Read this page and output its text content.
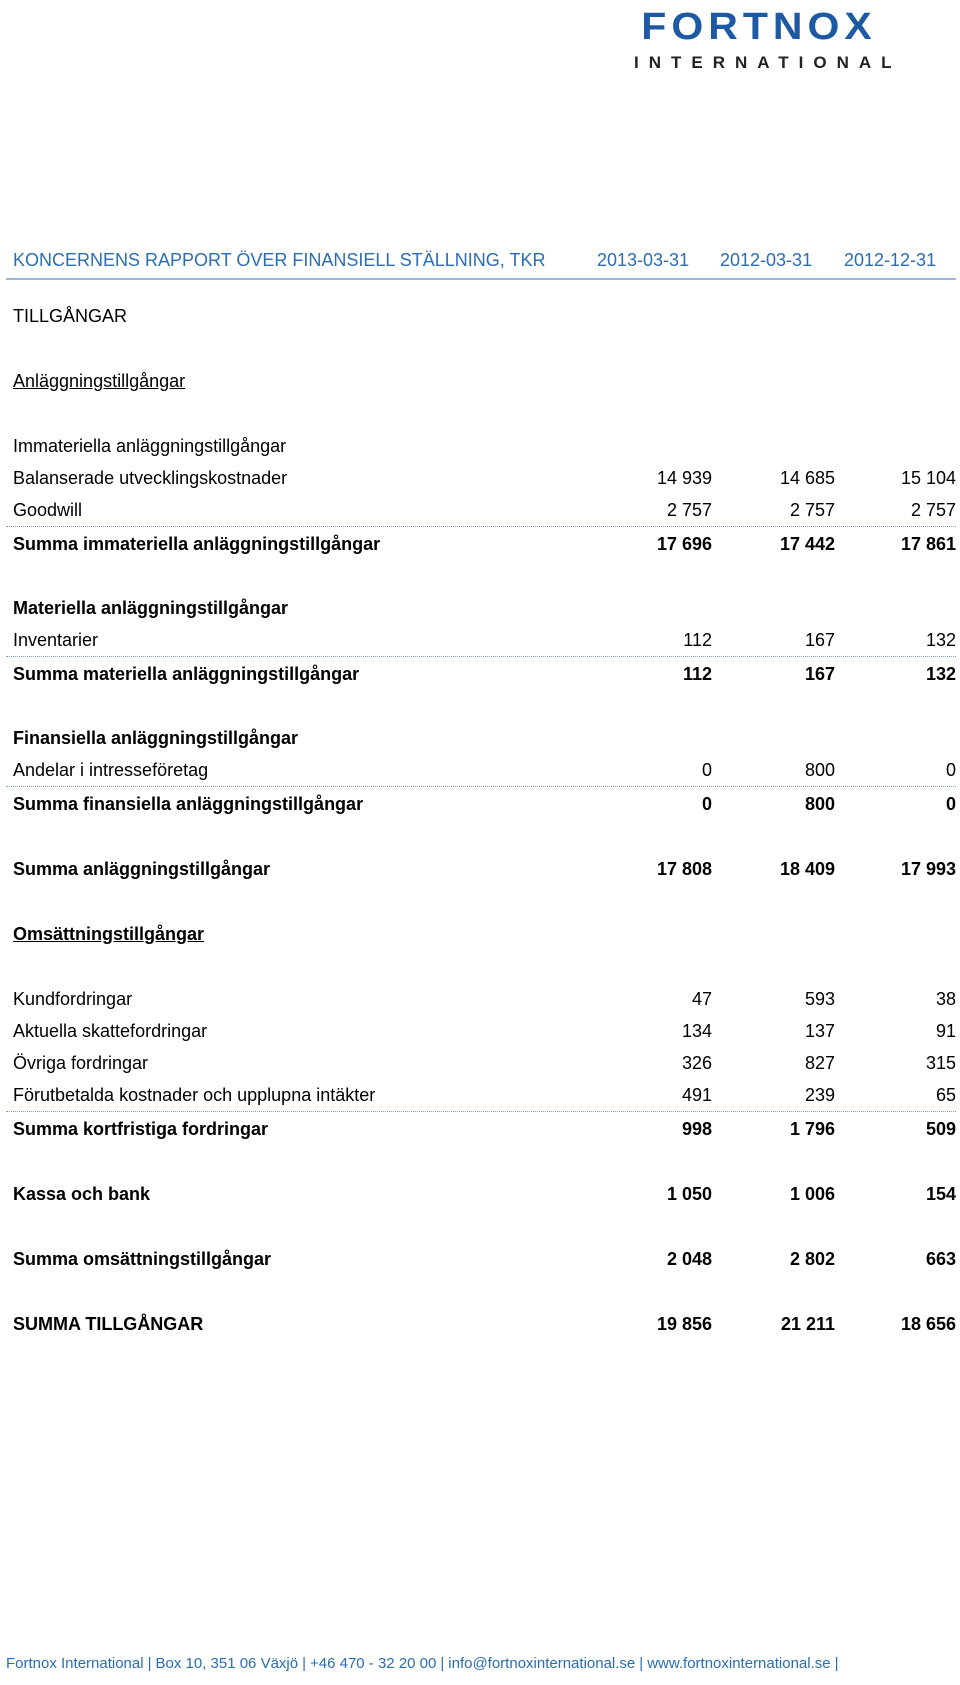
FORTNOX
INTERNATIONAL
KONCERNENS RAPPORT ÖVER FINANSIELL STÄLLNING, TKR	2013-03-31 2012-03-31 2012-12-31
TILLGÅNGAR
Anläggningstillgångar
Immateriella anläggningstillgångar
Balanserade utvecklingskostnader	14 939	14 685	15 104
Goodwill	2 757	2 757	2 757
Summa immateriella anläggningstillgångar	17 696	17 442	17 861
Materiella anläggningstillgångar
Inventarier	112	167	132
Summa materiella anläggningstillgångar	112	167	132
Finansiella anläggningstillgångar
Andelar i intresseföretag	0	800	0
Summa finansiella anläggningstillgångar	0	800	0
Summa anläggningstillgångar	17 808	18 409	17 993
Omsättningstillgångar
Kundfordringar	47	593	38
Aktuella skattefordringar	134	137	91
Övriga fordringar	326	827	315
Förutbetalda kostnader och upplupna intäkter	491	239	65
Summa kortfristiga fordringar	998	1 796	509
Kassa och bank	1 050	1 006	154
Summa omsättningstillgångar	2 048	2 802	663
SUMMA TILLGÅNGAR	19 856	21 211	18 656
Fortnox International | Box 10, 351 06 Växjö | +46 470 - 32 20 00 | info@fortnoxinternational.se | www.fortnoxinternational.se |
